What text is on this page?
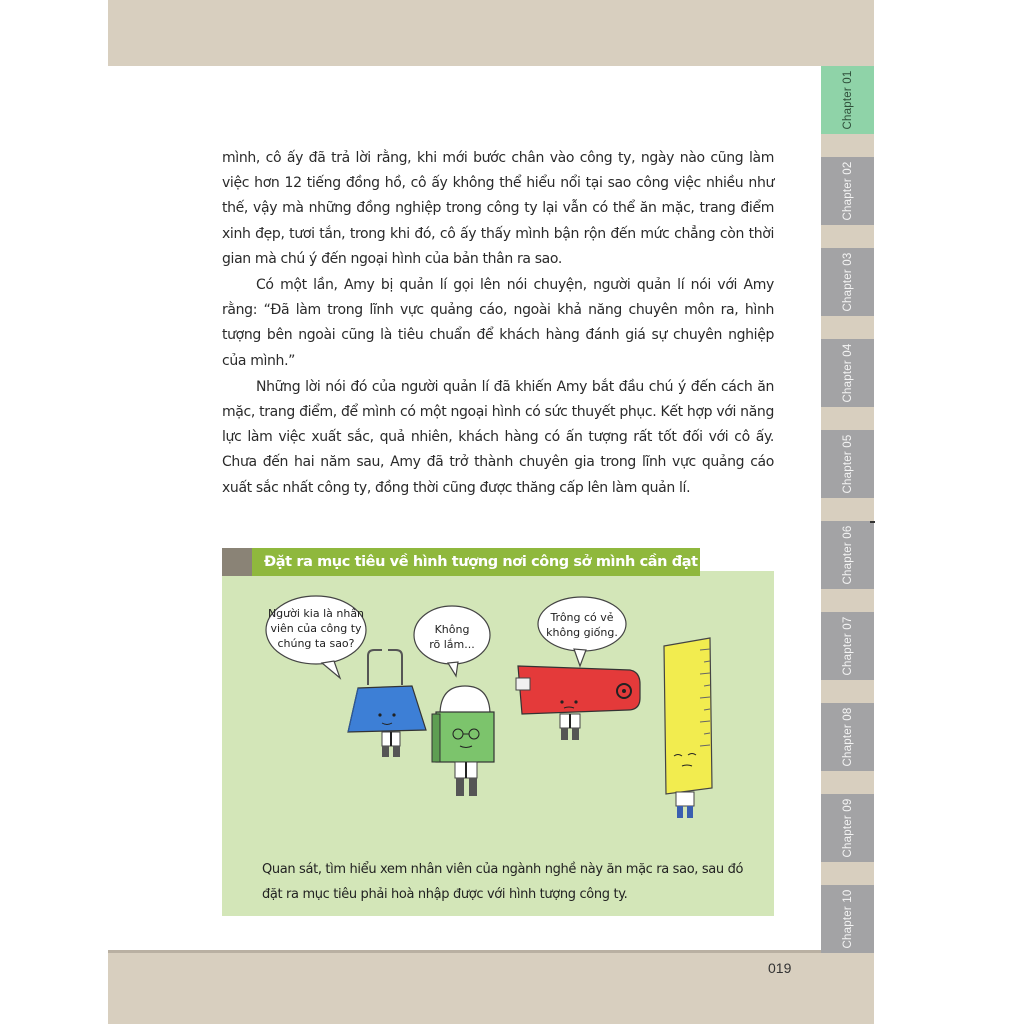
Chapter 01
Chapter 02
Chapter 03
Chapter 04
Chapter 05
Chapter 06
Chapter 07
Chapter 08
Chapter 09
Chapter 10

mình, cô ấy đã trả lời rằng, khi mới bước chân vào công ty, ngày nào cũng làm việc hơn 12 tiếng đồng hồ, cô ấy không thể hiểu nổi tại sao công việc nhiều như thế, vậy mà những đồng nghiệp trong công ty lại vẫn có thể ăn mặc, trang điểm xinh đẹp, tươi tắn, trong khi đó, cô ấy thấy mình bận rộn đến mức chẳng còn thời gian mà chú ý đến ngoại hình của bản thân ra sao.

Có một lần, Amy bị quản lí gọi lên nói chuyện, người quản lí nói với Amy rằng: “Đã làm trong lĩnh vực quảng cáo, ngoài khả năng chuyên môn ra, hình tượng bên ngoài cũng là tiêu chuẩn để khách hàng đánh giá sự chuyên nghiệp của mình.”

Những lời nói đó của người quản lí đã khiến Amy bắt đầu chú ý đến cách ăn mặc, trang điểm, để mình có một ngoại hình có sức thuyết phục. Kết hợp với năng lực làm việc xuất sắc, quả nhiên, khách hàng có ấn tượng rất tốt đối với cô ấy. Chưa đến hai năm sau, Amy đã trở thành chuyên gia trong lĩnh vực quảng cáo xuất sắc nhất công ty, đồng thời cũng được thăng cấp lên làm quản lí.

Đặt ra mục tiêu về hình tượng nơi công sở mình cần đạt đến
Người kia là nhân
viên của công ty
chúng ta sao?
Không
rõ lắm...
Trông có vẻ
không giống.
Quan sát, tìm hiểu xem nhân viên của ngành nghề này ăn mặc ra sao, sau đó đặt ra mục tiêu phải hoà nhập được với hình tượng công ty.
019
